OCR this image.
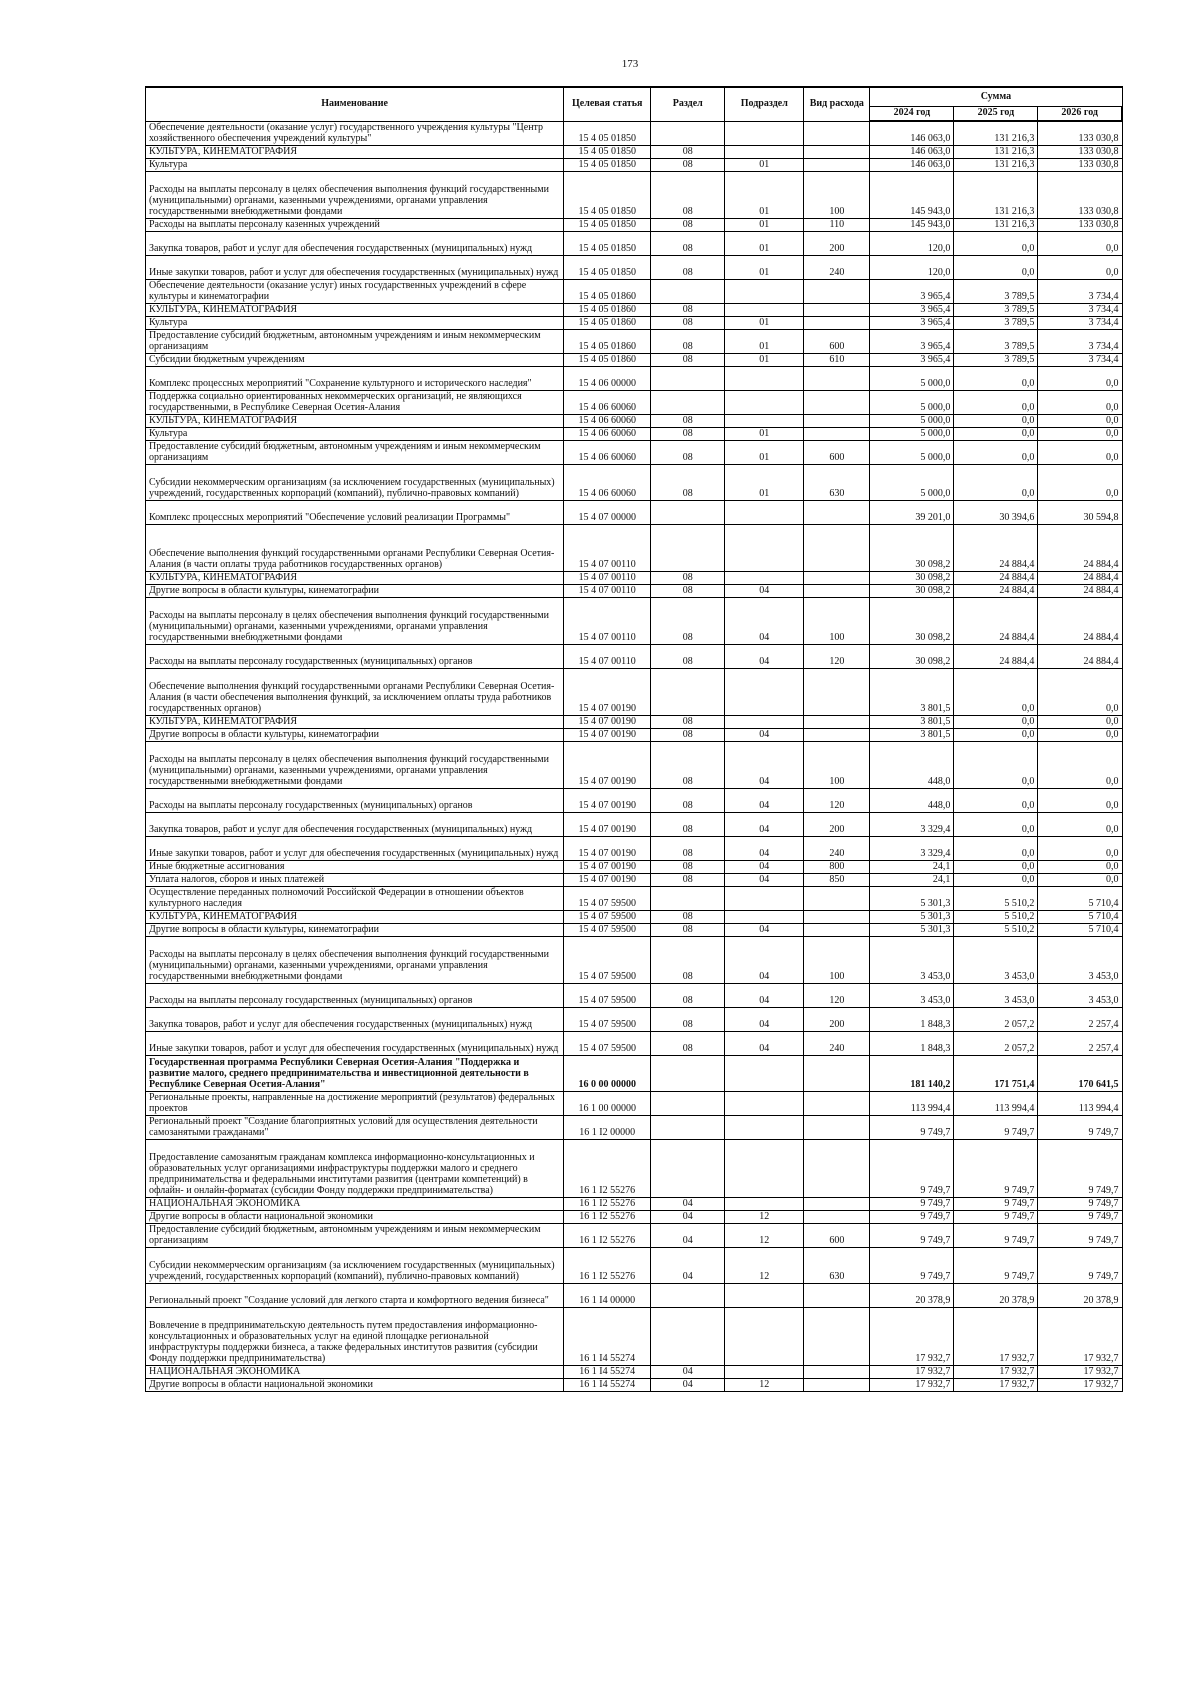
173
Наименование	Целевая статья	Раздел	Подраздел	Вид расхода	Сумма		
					2024 год	2025 год	2026 год
Обеспечение деятельности (оказание услуг) государственного учреждения культуры "Центр хозяйственного обеспечения учреждений культуры"	15 4 05 01850				146 063,0	131 216,3	133 030,8
КУЛЬТУРА, КИНЕМАТОГРАФИЯ	15 4 05 01850	08			146 063,0	131 216,3	133 030,8
Культура	15 4 05 01850	08	01		146 063,0	131 216,3	133 030,8
Расходы на выплаты персоналу в целях обеспечения выполнения функций государственными (муниципальными) органами, казенными учреждениями, органами управления государственными внебюджетными фондами	15 4 05 01850	08	01	100	145 943,0	131 216,3	133 030,8
Расходы на выплаты персоналу казенных учреждений	15 4 05 01850	08	01	110	145 943,0	131 216,3	133 030,8
Закупка товаров, работ и услуг для обеспечения государственных (муниципальных) нужд	15 4 05 01850	08	01	200	120,0	0,0	0,0
Иные закупки товаров, работ и услуг для обеспечения государственных (муниципальных) нужд	15 4 05 01850	08	01	240	120,0	0,0	0,0
Обеспечение деятельности (оказание услуг) иных государственных учреждений в сфере культуры и кинематографии	15 4 05 01860				3 965,4	3 789,5	3 734,4
КУЛЬТУРА, КИНЕМАТОГРАФИЯ	15 4 05 01860	08			3 965,4	3 789,5	3 734,4
Культура	15 4 05 01860	08	01		3 965,4	3 789,5	3 734,4
Предоставление субсидий бюджетным, автономным учреждениям и иным некоммерческим организациям	15 4 05 01860	08	01	600	3 965,4	3 789,5	3 734,4
Субсидии бюджетным учреждениям	15 4 05 01860	08	01	610	3 965,4	3 789,5	3 734,4
Комплекс процессных мероприятий "Сохранение культурного и исторического наследия"	15 4 06 00000				5 000,0	0,0	0,0
Поддержка социально ориентированных некоммерческих организаций, не являющихся государственными, в Республике Северная Осетия-Алания	15 4 06 60060				5 000,0	0,0	0,0
КУЛЬТУРА, КИНЕМАТОГРАФИЯ	15 4 06 60060	08			5 000,0	0,0	0,0
Культура	15 4 06 60060	08	01		5 000,0	0,0	0,0
Предоставление субсидий бюджетным, автономным учреждениям и иным некоммерческим организациям	15 4 06 60060	08	01	600	5 000,0	0,0	0,0
Субсидии некоммерческим организациям (за исключением государственных (муниципальных) учреждений, государственных корпораций (компаний), публично-правовых компаний)	15 4 06 60060	08	01	630	5 000,0	0,0	0,0
Комплекс процессных мероприятий "Обеспечение условий реализации Программы"	15 4 07 00000				39 201,0	30 394,6	30 594,8
Обеспечение выполнения функций государственными органами Республики Северная Осетия-Алания (в части оплаты труда работников государственных органов)	15 4 07 00110				30 098,2	24 884,4	24 884,4
КУЛЬТУРА, КИНЕМАТОГРАФИЯ	15 4 07 00110	08			30 098,2	24 884,4	24 884,4
Другие вопросы в области культуры, кинематографии	15 4 07 00110	08	04		30 098,2	24 884,4	24 884,4
Расходы на выплаты персоналу в целях обеспечения выполнения функций государственными (муниципальными) органами, казенными учреждениями, органами управления государственными внебюджетными фондами	15 4 07 00110	08	04	100	30 098,2	24 884,4	24 884,4
Расходы на выплаты персоналу государственных (муниципальных) органов	15 4 07 00110	08	04	120	30 098,2	24 884,4	24 884,4
Обеспечение выполнения функций государственными органами Республики Северная Осетия-Алания (в части обеспечения выполнения функций, за исключением оплаты труда работников государственных органов)	15 4 07 00190				3 801,5	0,0	0,0
КУЛЬТУРА, КИНЕМАТОГРАФИЯ	15 4 07 00190	08			3 801,5	0,0	0,0
Другие вопросы в области культуры, кинематографии	15 4 07 00190	08	04		3 801,5	0,0	0,0
Расходы на выплаты персоналу в целях обеспечения выполнения функций государственными (муниципальными) органами, казенными учреждениями, органами управления государственными внебюджетными фондами	15 4 07 00190	08	04	100	448,0	0,0	0,0
Расходы на выплаты персоналу государственных (муниципальных) органов	15 4 07 00190	08	04	120	448,0	0,0	0,0
Закупка товаров, работ и услуг для обеспечения государственных (муниципальных) нужд	15 4 07 00190	08	04	200	3 329,4	0,0	0,0
Иные закупки товаров, работ и услуг для обеспечения государственных (муниципальных) нужд	15 4 07 00190	08	04	240	3 329,4	0,0	0,0
Иные бюджетные ассигнования	15 4 07 00190	08	04	800	24,1	0,0	0,0
Уплата налогов, сборов и иных платежей	15 4 07 00190	08	04	850	24,1	0,0	0,0
Осуществление переданных полномочий Российской Федерации в отношении объектов культурного наследия	15 4 07 59500				5 301,3	5 510,2	5 710,4
КУЛЬТУРА, КИНЕМАТОГРАФИЯ	15 4 07 59500	08			5 301,3	5 510,2	5 710,4
Другие вопросы в области культуры, кинематографии	15 4 07 59500	08	04		5 301,3	5 510,2	5 710,4
Расходы на выплаты персоналу в целях обеспечения выполнения функций государственными (муниципальными) органами, казенными учреждениями, органами управления государственными внебюджетными фондами	15 4 07 59500	08	04	100	3 453,0	3 453,0	3 453,0
Расходы на выплаты персоналу государственных (муниципальных) органов	15 4 07 59500	08	04	120	3 453,0	3 453,0	3 453,0
Закупка товаров, работ и услуг для обеспечения государственных (муниципальных) нужд	15 4 07 59500	08	04	200	1 848,3	2 057,2	2 257,4
Иные закупки товаров, работ и услуг для обеспечения государственных (муниципальных) нужд	15 4 07 59500	08	04	240	1 848,3	2 057,2	2 257,4
Государственная программа Республики Северная Осетия-Алания "Поддержка и развитие малого, среднего предпринимательства и инвестиционной деятельности в Республике Северная Осетия-Алания"	16 0 00 00000				181 140,2	171 751,4	170 641,5
Региональные проекты, направленные на достижение мероприятий (результатов) федеральных проектов	16 1 00 00000				113 994,4	113 994,4	113 994,4
Региональный проект "Создание благоприятных условий для осуществления деятельности самозанятыми гражданами"	16 1 I2 00000				9 749,7	9 749,7	9 749,7
Предоставление самозанятым гражданам комплекса информационно-консультационных и образовательных услуг организациями инфраструктуры поддержки малого и среднего предпринимательства и федеральными институтами развития (центрами компетенций) в офлайн- и онлайн-форматах (субсидии Фонду поддержки предпринимательства)	16 1 I2 55276				9 749,7	9 749,7	9 749,7
НАЦИОНАЛЬНАЯ ЭКОНОМИКА	16 1 I2 55276	04			9 749,7	9 749,7	9 749,7
Другие вопросы в области национальной экономики	16 1 I2 55276	04	12		9 749,7	9 749,7	9 749,7
Предоставление субсидий бюджетным, автономным учреждениям и иным некоммерческим организациям	16 1 I2 55276	04	12	600	9 749,7	9 749,7	9 749,7
Субсидии некоммерческим организациям (за исключением государственных (муниципальных) учреждений, государственных корпораций (компаний), публично-правовых компаний)	16 1 I2 55276	04	12	630	9 749,7	9 749,7	9 749,7
Региональный проект "Создание условий для легкого старта и комфортного ведения бизнеса"	16 1 I4 00000				20 378,9	20 378,9	20 378,9
Вовлечение в предпринимательскую деятельность путем предоставления информационно-консультационных и образовательных услуг на единой площадке региональной инфраструктуры поддержки бизнеса, а также федеральных институтов развития (субсидии Фонду поддержки предпринимательства)	16 1 I4 55274				17 932,7	17 932,7	17 932,7
НАЦИОНАЛЬНАЯ ЭКОНОМИКА	16 1 I4 55274	04			17 932,7	17 932,7	17 932,7
Другие вопросы в области национальной экономики	16 1 I4 55274	04	12		17 932,7	17 932,7	17 932,7
